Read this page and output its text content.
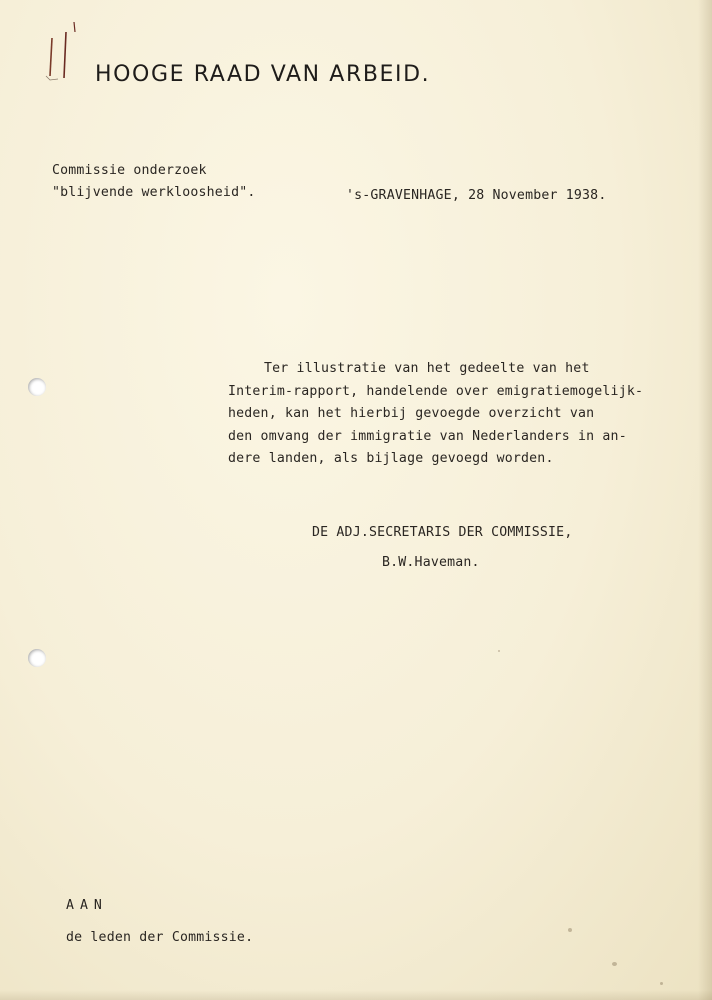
HOOGE RAAD VAN ARBEID.
Commissie onderzoek
"blijvende werkloosheid".	's-GRAVENHAGE, 28 November 1938.
Ter illustratie van het gedeelte van het
Interim-rapport, handelende over emigratiemogelijk-
heden, kan het hierbij gevoegde overzicht van
den omvang der immigratie van Nederlanders in an-
dere landen, als bijlage gevoegd worden.
DE ADJ.SECRETARIS DER COMMISSIE,
B.W.Haveman.
AAN
de leden der Commissie.
